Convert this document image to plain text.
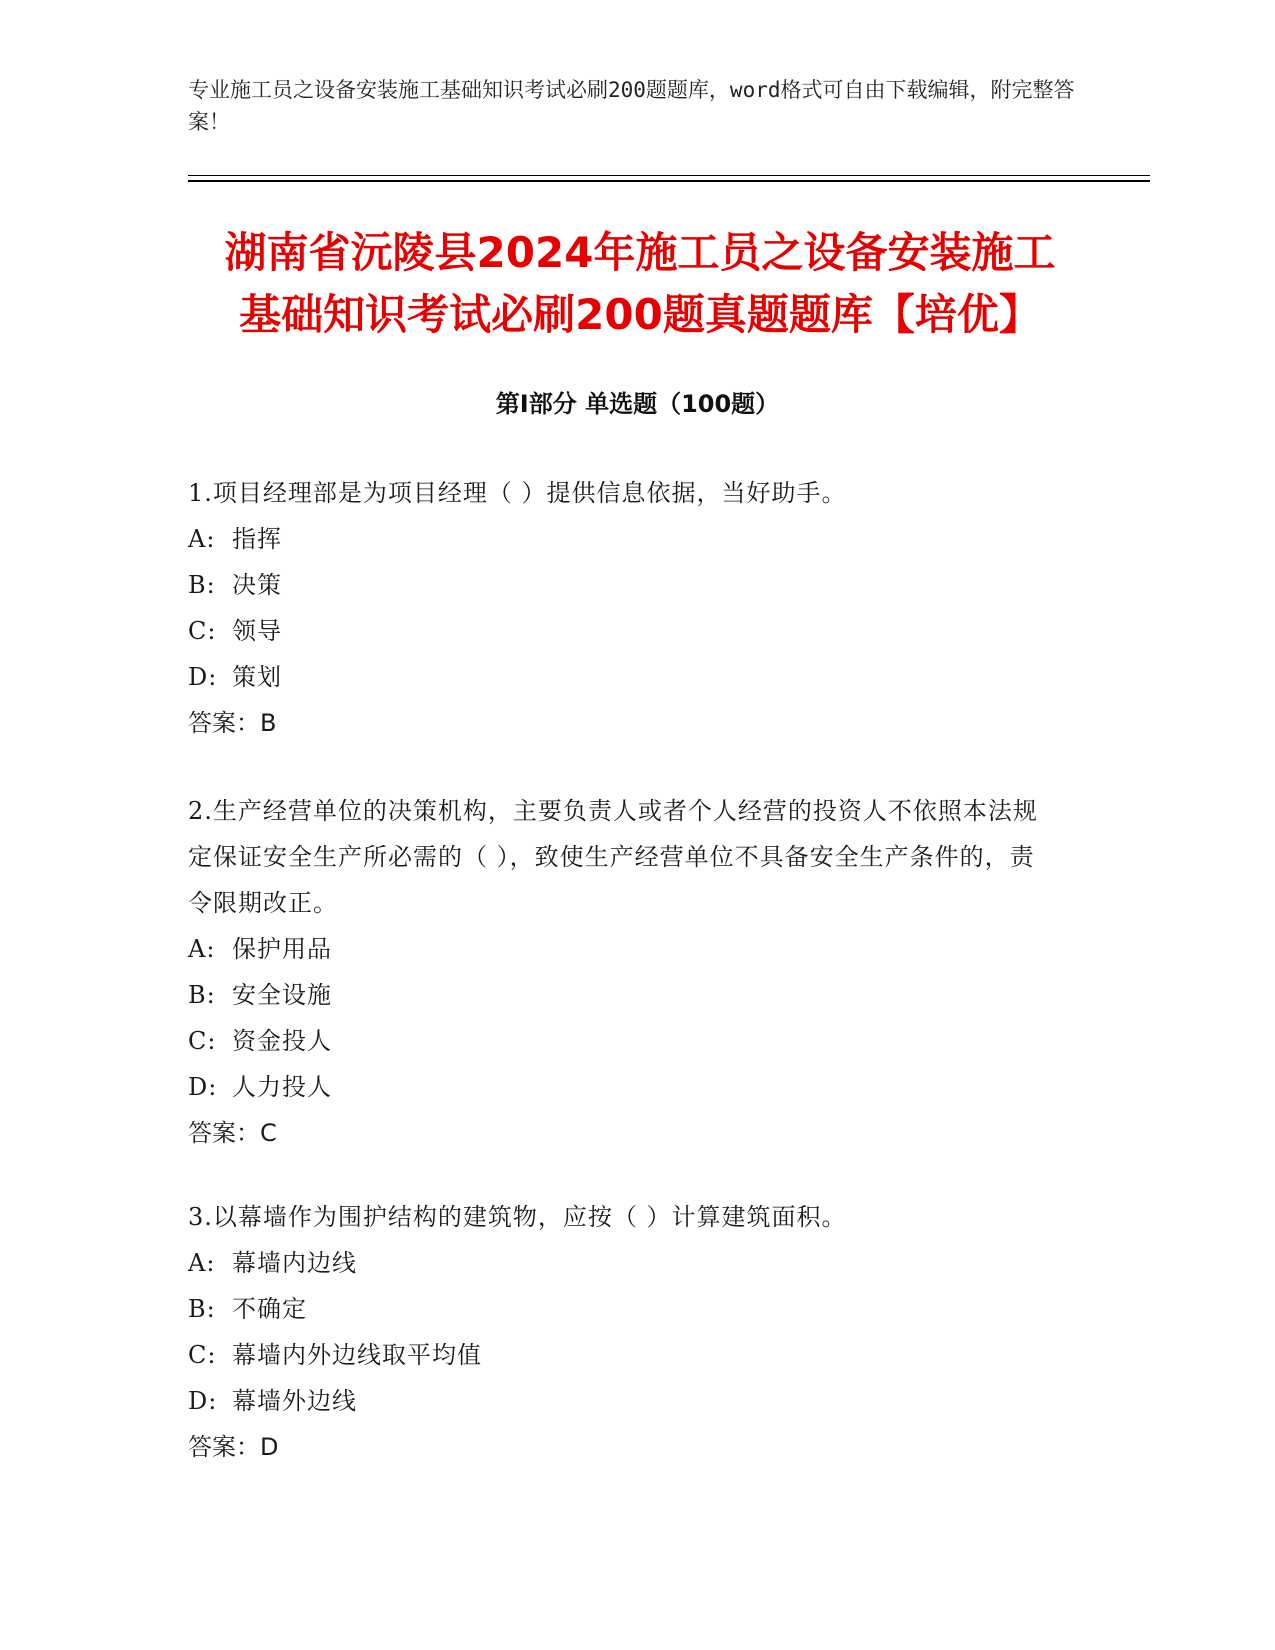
专业施工员之设备安装施工基础知识考试必刷200题题库，word格式可自由下载编辑，附完整答案！
湖南省沅陵县2024年施工员之设备安装施工
基础知识考试必刷200题真题题库【培优】
第I部分 单选题（100题）
1.项目经理部是为项目经理（ ）提供信息依据，当好助手。
A: 指挥
B: 决策
C: 领导
D: 策划
答案：B
2.生产经营单位的决策机构，主要负责人或者个人经营的投资人不依照本法规定保证安全生产所必需的（ ），致使生产经营单位不具备安全生产条件的，责令限期改正。
A: 保护用品
B: 安全设施
C: 资金投人
D: 人力投人
答案：C
3.以幕墙作为围护结构的建筑物，应按（ ）计算建筑面积。
A: 幕墙内边线
B: 不确定
C: 幕墙内外边线取平均值
D: 幕墙外边线
答案：D
